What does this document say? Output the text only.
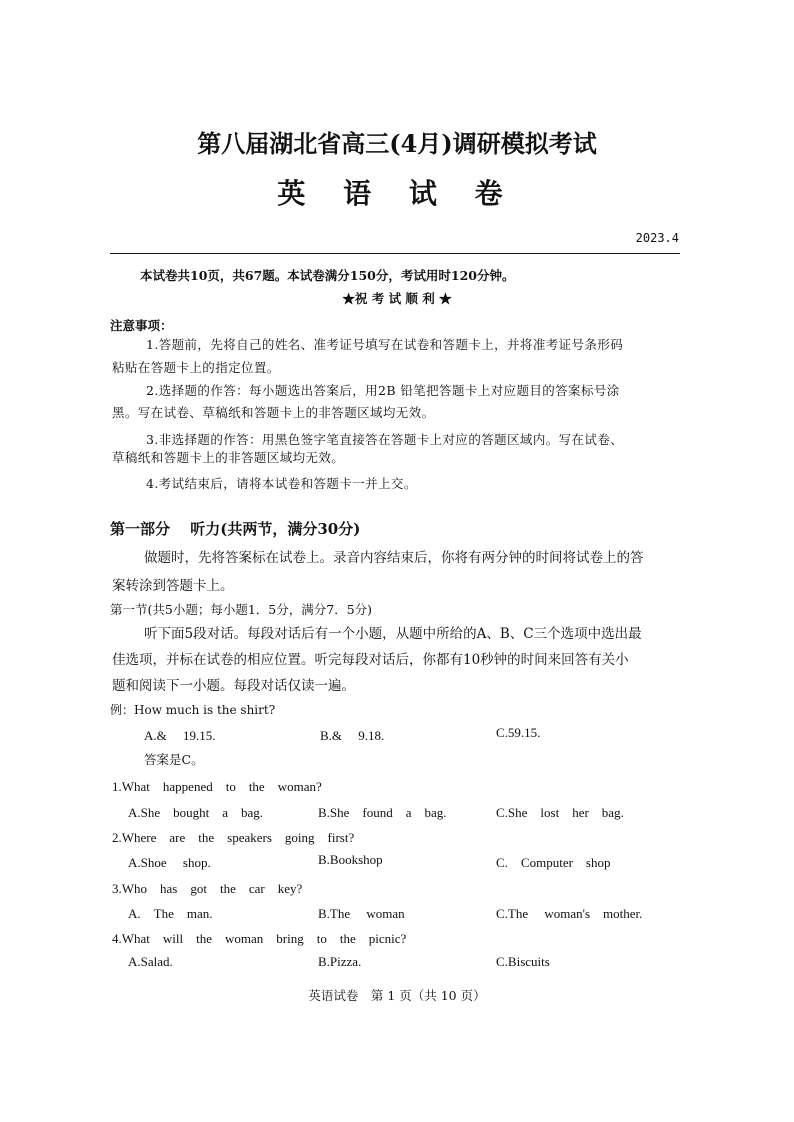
第八届湖北省高三(4月)调研模拟考试
英 语 试 卷
2023.4
本试卷共10页，共67题。本试卷满分150分，考试用时120分钟。
★祝 考 试 顺 利 ★
注意事项：
1.答题前，先将自己的姓名、准考证号填写在试卷和答题卡上，并将准考证号条形码
粘贴在答题卡上的指定位置。
2.选择题的作答：每小题选出答案后，用2B 铅笔把答题卡上对应题目的答案标号涂
黑。写在试卷、草稿纸和答题卡上的非答题区域均无效。
3.非选择题的作答：用黑色签字笔直接答在答题卡上对应的答题区域内。写在试卷、
草稿纸和答题卡上的非答题区域均无效。
4.考试结束后，请将本试卷和答题卡一并上交。
第一部分　 听力(共两节，满分30分)
做题时，先将答案标在试卷上。录音内容结束后，你将有两分钟的时间将试卷上的答
案转涂到答题卡上。
第一节(共5小题；每小题1．5分，满分7．5分)
听下面5段对话。每段对话后有一个小题，从题中所给的A、B、C三个选项中选出最
佳选项，并标在试卷的相应位置。听完每段对话后，你都有10秒钟的时间来回答有关小
题和阅读下一小题。每段对话仅读一遍。
例：How much is the shirt?
A.&　 19.15.	B.&　 9.18.	C.59.15.
答案是C。
1.What　happened　to　the　woman?
A.She　bought　a　bag.	B.She　found　a　bag.	C.She　lost　her　bag.
2.Where　are　the　speakers　going　first?
A.Shoe　 shop.	B.Bookshop	C.　Computer　shop
3.Who　has　got　the　car　key?
A.　The　man.	B.The　 woman	C.The　 woman's　mother.
4.What　will　the　woman　bring　to　the　picnic?
A.Salad.	B.Pizza.	C.Biscuits
英语试卷　第 1 页（共 10 页）
